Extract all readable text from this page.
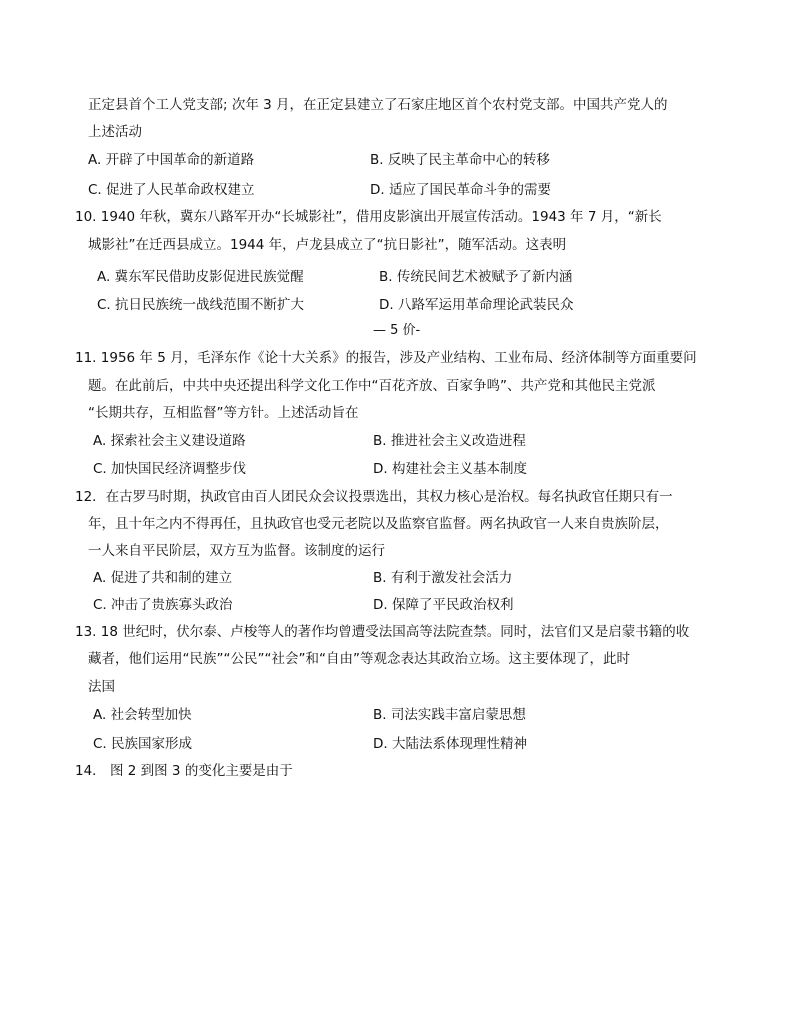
正定县首个工人党支部; 次年 3 月，在正定县建立了石家庄地区首个农村党支部。中国共产党人的
上述活动
A. 开辟了中国革命的新道路	B. 反映了民主革命中心的转移
C. 促进了人民革命政权建立	D. 适应了国民革命斗争的需要
10. 1940 年秋，冀东八路军开办“长城影社”，借用皮影演出开展宣传活动。1943 年 7 月，“新长
城影社”在迁西县成立。1944 年，卢龙县成立了“抗日影社”，随军活动。这表明
A. 冀东军民借助皮影促进民族觉醒	B. 传统民间艺术被赋予了新内涵
C. 抗日民族统一战线范围不断扩大	D. 八路军运用革命理论武装民众
— 5 价-
11. 1956 年 5 月，毛泽东作《论十大关系》的报告，涉及产业结构、工业布局、经济体制等方面重要问
题。在此前后，中共中央还提出科学文化工作中“百花齐放、百家争鸣”、共产党和其他民主党派
“长期共存，互相监督”等方针。上述活动旨在
A. 探索社会主义建设道路	B. 推进社会主义改造进程
C. 加快国民经济调整步伐	D. 构建社会主义基本制度
12．在古罗马时期，执政官由百人团民众会议投票选出，其权力核心是治权。每名执政官任期只有一
年，且十年之内不得再任，且执政官也受元老院以及监察官监督。两名执政官一人来自贵族阶层，
一人来自平民阶层，双方互为监督。该制度的运行
A. 促进了共和制的建立	B. 有利于激发社会活力
C. 冲击了贵族寡头政治	D. 保障了平民政治权利
13. 18 世纪时，伏尔泰、卢梭等人的著作均曾遭受法国高等法院查禁。同时，法官们又是启蒙书籍的收
藏者，他们运用“民族”“公民”“社会”和“自由”等观念表达其政治立场。这主要体现了，此时
法国
A. 社会转型加快	B. 司法实践丰富启蒙思想
C. 民族国家形成	D. 大陆法系体现理性精神
14． 图 2 到图 3 的变化主要是由于
